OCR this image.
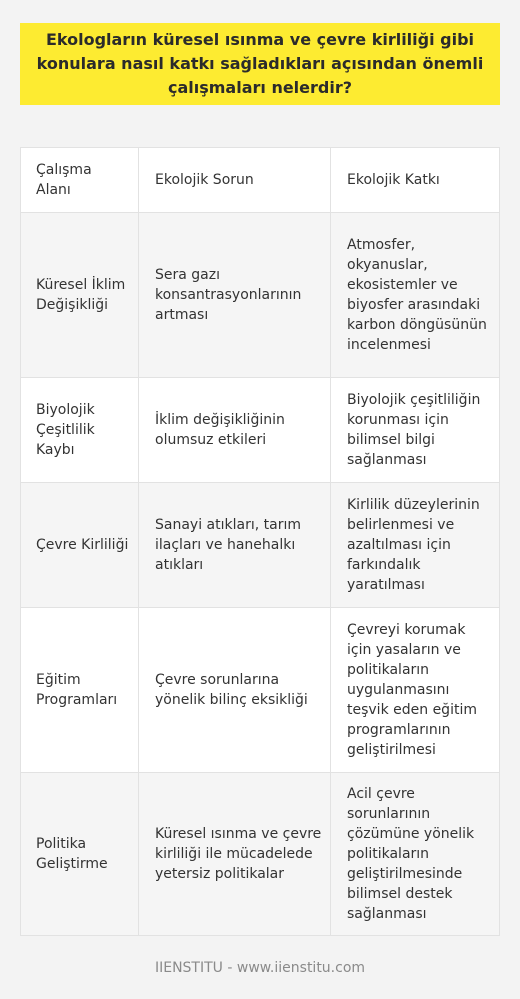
Ekologların küresel ısınma ve çevre kirliliği gibi konulara nasıl katkı sağladıkları açısından önemli çalışmaları nelerdir?
Çalışma Alanı
Ekolojik Sorun	Ekolojik Katkı
Küresel İklim Değişikliği
Sera gazı konsantrasyonlarının artması
Atmosfer, okyanuslar, ekosistemler ve biyosfer arasındaki karbon döngüsünün incelenmesi
Biyolojik Çeşitlilik Kaybı
İklim değişikliğinin olumsuz etkileri
Biyolojik çeşitliliğin korunması için bilimsel bilgi sağlanması
Çevre Kirliliği
Sanayi atıkları, tarım ilaçları ve hanehalkı atıkları
Kirlilik düzeylerinin belirlenmesi ve azaltılması için farkındalık yaratılması
Eğitim Programları
Çevre sorunlarına yönelik bilinç eksikliği
Çevreyi korumak için yasaların ve politikaların uygulanmasını teşvik eden eğitim programlarının geliştirilmesi
Politika Geliştirme
Küresel ısınma ve çevre kirliliği ile mücadelede yetersiz politikalar
Acil çevre sorunlarının çözümüne yönelik politikaların geliştirilmesinde bilimsel destek sağlanması
IIENSTITU - www.iienstitu.com
